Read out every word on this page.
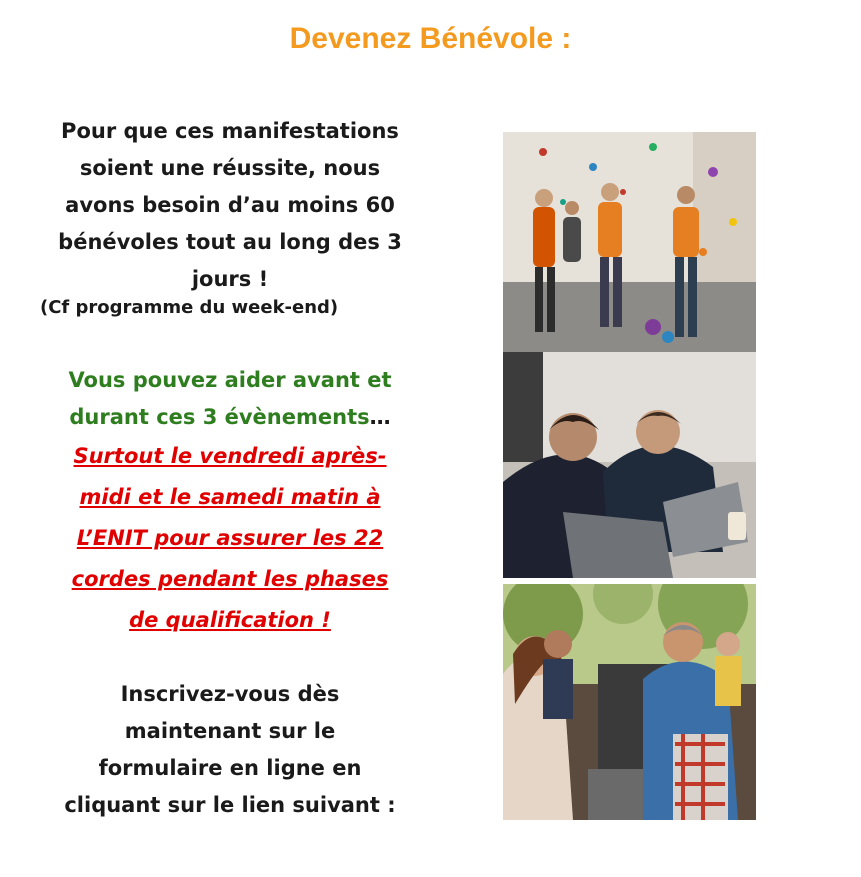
Devenez Bénévole :
Pour que ces manifestations
soient une réussite, nous
avons besoin d’au moins 60
bénévoles tout au long des 3
jours !
(Cf programme du week-end)
Vous pouvez aider avant et
durant ces 3 évènements…
Surtout le vendredi après-
midi et le samedi matin à
L’ENIT pour assurer les 22
cordes pendant les phases
de qualification !
Inscrivez-vous dès
maintenant sur le
formulaire en ligne en
cliquant sur le lien suivant :
